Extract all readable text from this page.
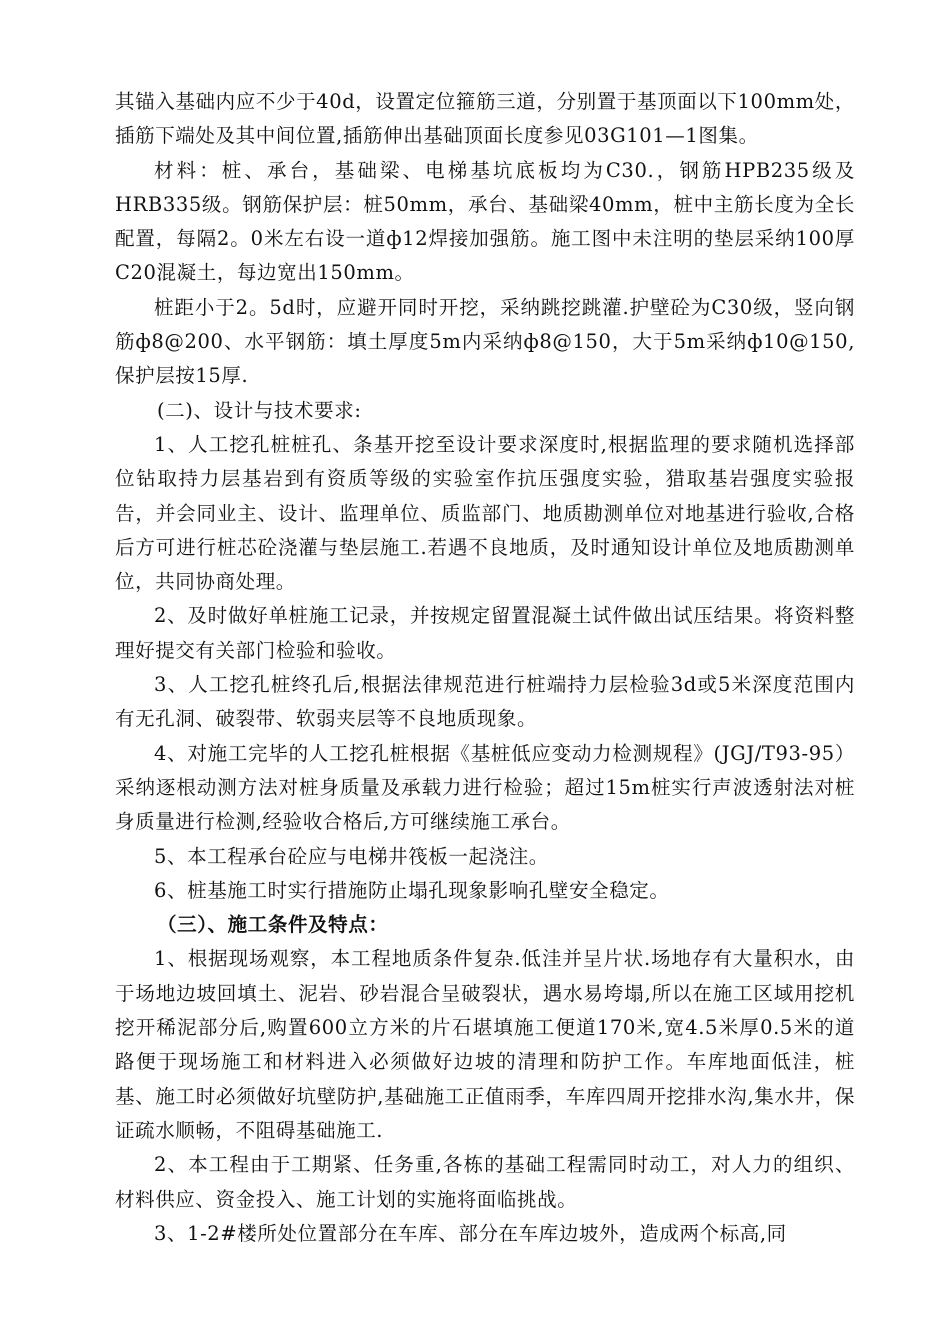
其锚入基础内应不少于40d，设置定位箍筋三道，分别置于基顶面以下100mm处，插筋下端处及其中间位置,插筋伸出基础顶面长度参见03G101—1图集。

材料：桩、承台，基础梁、电梯基坑底板均为C30.，钢筋HPB235级及HRB335级。钢筋保护层：桩50mm，承台、基础梁40mm，桩中主筋长度为全长配置，每隔2。0米左右设一道ф12焊接加强筋。施工图中未注明的垫层采纳100厚C20混凝土，每边宽出150mm。

桩距小于2。5d时，应避开同时开挖，采纳跳挖跳灌.护壁砼为C30级，竖向钢筋ф8@200、水平钢筋：填土厚度5m内采纳ф8@150，大于5m采纳ф10@150,保护层按15厚.

(二)、设计与技术要求:

1、人工挖孔桩桩孔、条基开挖至设计要求深度时,根据监理的要求随机选择部位钻取持力层基岩到有资质等级的实验室作抗压强度实验，猎取基岩强度实验报告，并会同业主、设计、监理单位、质监部门、地质勘测单位对地基进行验收,合格后方可进行桩芯砼浇灌与垫层施工.若遇不良地质，及时通知设计单位及地质勘测单位，共同协商处理。

2、及时做好单桩施工记录，并按规定留置混凝土试件做出试压结果。将资料整理好提交有关部门检验和验收。

3、人工挖孔桩终孔后,根据法律规范进行桩端持力层检验3d或5米深度范围内有无孔洞、破裂带、软弱夹层等不良地质现象。

4、对施工完毕的人工挖孔桩根据《基桩低应变动力检测规程》(JGJ/T93-95）采纳逐根动测方法对桩身质量及承载力进行检验；超过15m桩实行声波透射法对桩身质量进行检测,经验收合格后,方可继续施工承台。

5、本工程承台砼应与电梯井筏板一起浇注。

6、桩基施工时实行措施防止塌孔现象影响孔壁安全稳定。

（三）、施工条件及特点：

1、根据现场观察，本工程地质条件复杂.低洼并呈片状.场地存有大量积水，由于场地边坡回填土、泥岩、砂岩混合呈破裂状，遇水易垮塌,所以在施工区域用挖机挖开稀泥部分后,购置600立方米的片石堪填施工便道170米,宽4.5米厚0.5米的道路便于现场施工和材料进入必须做好边坡的清理和防护工作。车库地面低洼，桩基、施工时必须做好坑壁防护,基础施工正值雨季，车库四周开挖排水沟,集水井，保证疏水顺畅，不阻碍基础施工.

2、本工程由于工期紧、任务重,各栋的基础工程需同时动工，对人力的组织、材料供应、资金投入、施工计划的实施将面临挑战。

3、1-2#楼所处位置部分在车库、部分在车库边坡外，造成两个标高,同
